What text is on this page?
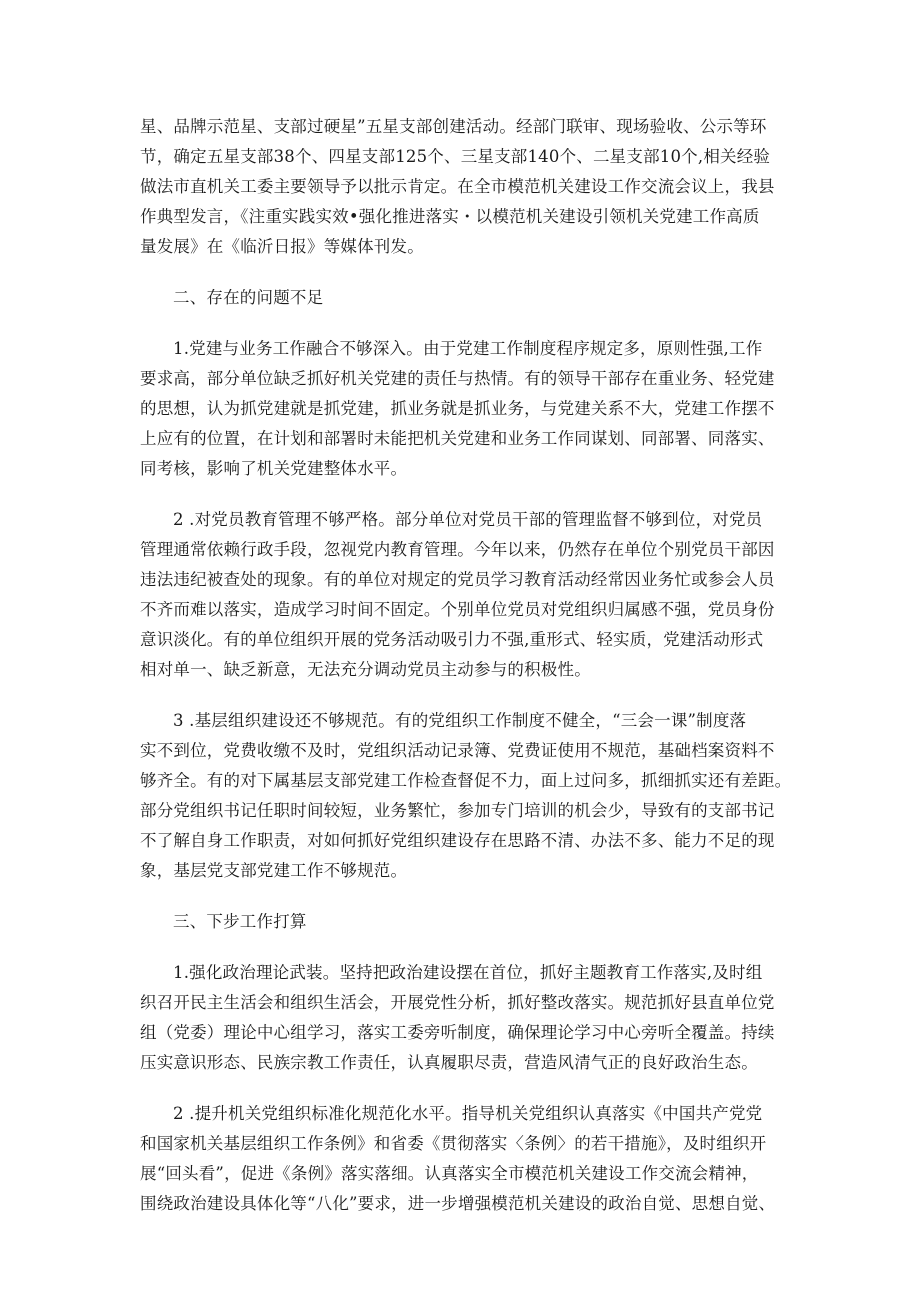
星、品牌示范星、支部过硬星”五星支部创建活动。经部门联审、现场验收、公示等环
节，确定五星支部38个、四星支部125个、三星支部140个、二星支部10个,相关经验
做法市直机关工委主要领导予以批示肯定。在全市模范机关建设工作交流会议上，我县
作典型发言，《注重实践实效•强化推进落实・以模范机关建设引领机关党建工作高质
量发展》在《临沂日报》等媒体刊发。
二、存在的问题不足
1.党建与业务工作融合不够深入。由于党建工作制度程序规定多，原则性强,工作
要求高，部分单位缺乏抓好机关党建的责任与热情。有的领导干部存在重业务、轻党建
的思想，认为抓党建就是抓党建，抓业务就是抓业务，与党建关系不大，党建工作摆不
上应有的位置，在计划和部署时未能把机关党建和业务工作同谋划、同部署、同落实、
同考核，影响了机关党建整体水平。
2 .对党员教育管理不够严格。部分单位对党员干部的管理监督不够到位，对党员
管理通常依赖行政手段，忽视党内教育管理。今年以来，仍然存在单位个别党员干部因
违法违纪被查处的现象。有的单位对规定的党员学习教育活动经常因业务忙或参会人员
不齐而难以落实，造成学习时间不固定。个别单位党员对党组织归属感不强，党员身份
意识淡化。有的单位组织开展的党务活动吸引力不强,重形式、轻实质，党建活动形式
相对单一、缺乏新意，无法充分调动党员主动参与的积极性。
3 .基层组织建设还不够规范。有的党组织工作制度不健全，“三会一课”制度落
实不到位，党费收缴不及时，党组织活动记录簿、党费证使用不规范，基础档案资料不
够齐全。有的对下属基层支部党建工作检查督促不力，面上过问多，抓细抓实还有差距。
部分党组织书记任职时间较短，业务繁忙，参加专门培训的机会少，导致有的支部书记
不了解自身工作职责，对如何抓好党组织建设存在思路不清、办法不多、能力不足的现
象，基层党支部党建工作不够规范。
三、下步工作打算
1.强化政治理论武装。坚持把政治建设摆在首位，抓好主题教育工作落实,及时组
织召开民主生活会和组织生活会，开展党性分析，抓好整改落实。规范抓好县直单位党
组（党委）理论中心组学习，落实工委旁听制度，确保理论学习中心旁听全覆盖。持续
压实意识形态、民族宗教工作责任，认真履职尽责，营造风清气正的良好政治生态。
2 .提升机关党组织标准化规范化水平。指导机关党组织认真落实《中国共产党党
和国家机关基层组织工作条例》和省委《贯彻落实〈条例〉的若干措施》，及时组织开
展“回头看”，促进《条例》落实落细。认真落实全市模范机关建设工作交流会精神，
围绕政治建设具体化等“八化”要求，进一步增强模范机关建设的政治自觉、思想自觉、
